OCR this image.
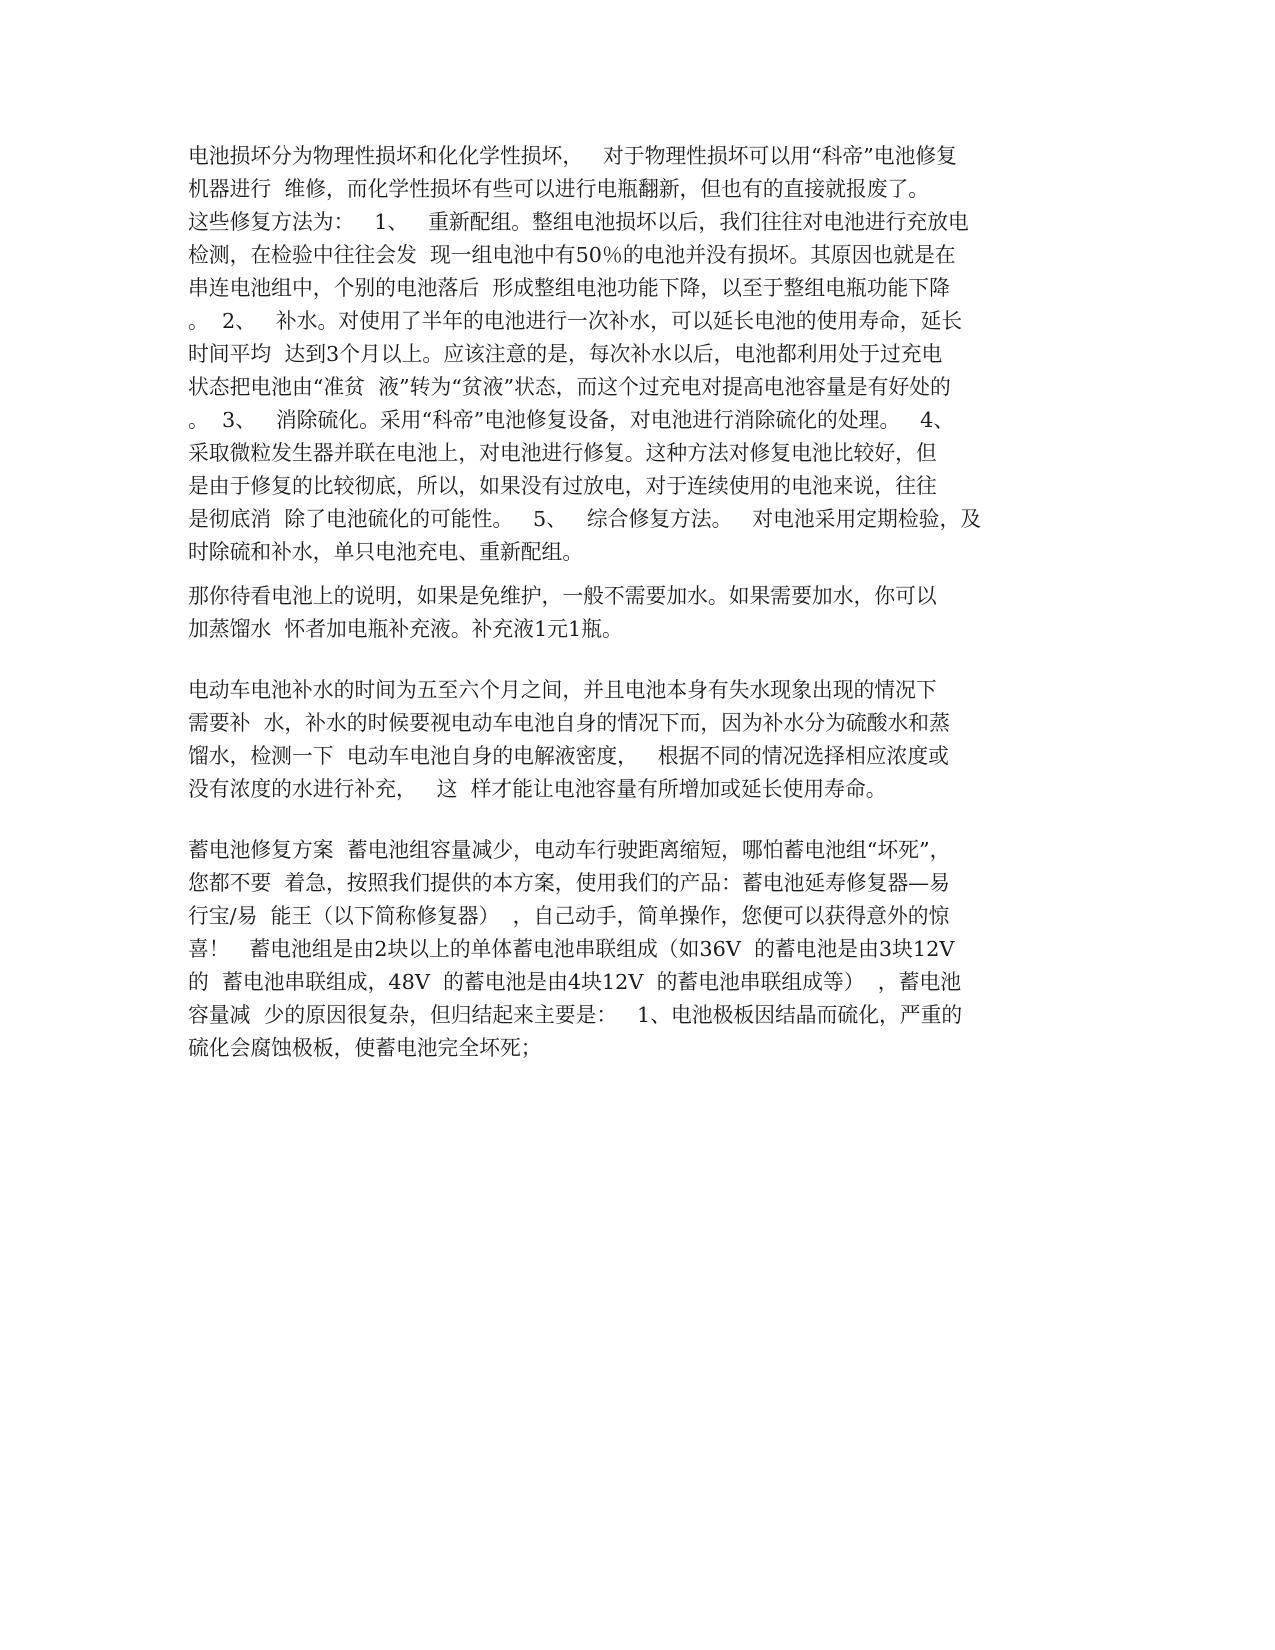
电池损坏分为物理性损坏和化化学性损坏，   对于物理性损坏可以用“科帝”电池修复
机器进行  维修，而化学性损坏有些可以进行电瓶翻新，但也有的直接就报废了。
这些修复方法为：   1、   重新配组。整组电池损坏以后，我们往往对电池进行充放电
检测，在检验中往往会发  现一组电池中有50％的电池并没有损坏。其原因也就是在
串连电池组中，个别的电池落后  形成整组电池功能下降，以至于整组电瓶功能下降
。  2、   补水。对使用了半年的电池进行一次补水，可以延长电池的使用寿命，延长
时间平均  达到3个月以上。应该注意的是，每次补水以后，电池都利用处于过充电
状态把电池由“准贫  液”转为“贫液”状态，而这个过充电对提高电池容量是有好处的
。  3、   消除硫化。采用“科帝”电池修复设备，对电池进行消除硫化的处理。   4、
采取微粒发生器并联在电池上，对电池进行修复。这种方法对修复电池比较好，但
是由于修复的比较彻底，所以，如果没有过放电，对于连续使用的电池来说，往往
是彻底消  除了电池硫化的可能性。   5、   综合修复方法。   对电池采用定期检验，及
时除硫和补水，单只电池充电、重新配组。
那你待看电池上的说明，如果是免维护，一般不需要加水。如果需要加水，你可以
加蒸馏水  怀者加电瓶补充液。补充液1元1瓶。
电动车电池补水的时间为五至六个月之间，并且电池本身有失水现象出现的情况下
需要补  水，补水的时候要视电动车电池自身的情况下而，因为补水分为硫酸水和蒸
馏水，检测一下  电动车电池自身的电解液密度，   根据不同的情况选择相应浓度或
没有浓度的水进行补充，   这  样才能让电池容量有所增加或延长使用寿命。
蓄电池修复方案  蓄电池组容量减少，电动车行驶距离缩短，哪怕蓄电池组“坏死”，
您都不要  着急，按照我们提供的本方案，使用我们的产品：蓄电池延寿修复器—易
行宝/易  能王（以下简称修复器）  ，自己动手，简单操作，您便可以获得意外的惊
喜！   蓄电池组是由2块以上的单体蓄电池串联组成（如36V  的蓄电池是由3块12V
的  蓄电池串联组成，48V  的蓄电池是由4块12V  的蓄电池串联组成等）  ，蓄电池
容量减  少的原因很复杂，但归结起来主要是：   1、电池极板因结晶而硫化，严重的
硫化会腐蚀极板，使蓄电池完全坏死；
